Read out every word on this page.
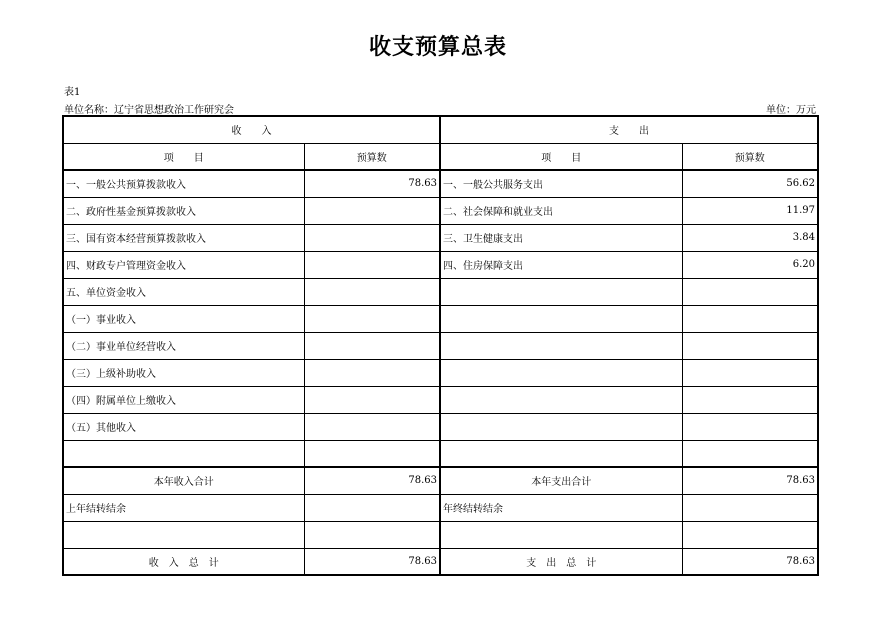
收支预算总表
表1
单位名称：辽宁省思想政治工作研究会	单位：万元
收　　入		支　　出	
项　　目	预算数	项　　目	预算数
一、一般公共预算拨款收入	78.63	一、一般公共服务支出	56.62
二、政府性基金预算拨款收入		二、社会保障和就业支出	11.97
三、国有资本经营预算拨款收入		三、卫生健康支出	3.84
四、财政专户管理资金收入		四、住房保障支出	6.20
五、单位资金收入			
（一）事业收入			
（二）事业单位经营收入			
（三）上级补助收入			
（四）附属单位上缴收入			
（五）其他收入			

本年收入合计	78.63	本年支出合计	78.63
上年结转结余		年终结转结余	

收　入　总　计	78.63	支　出　总　计	78.63
